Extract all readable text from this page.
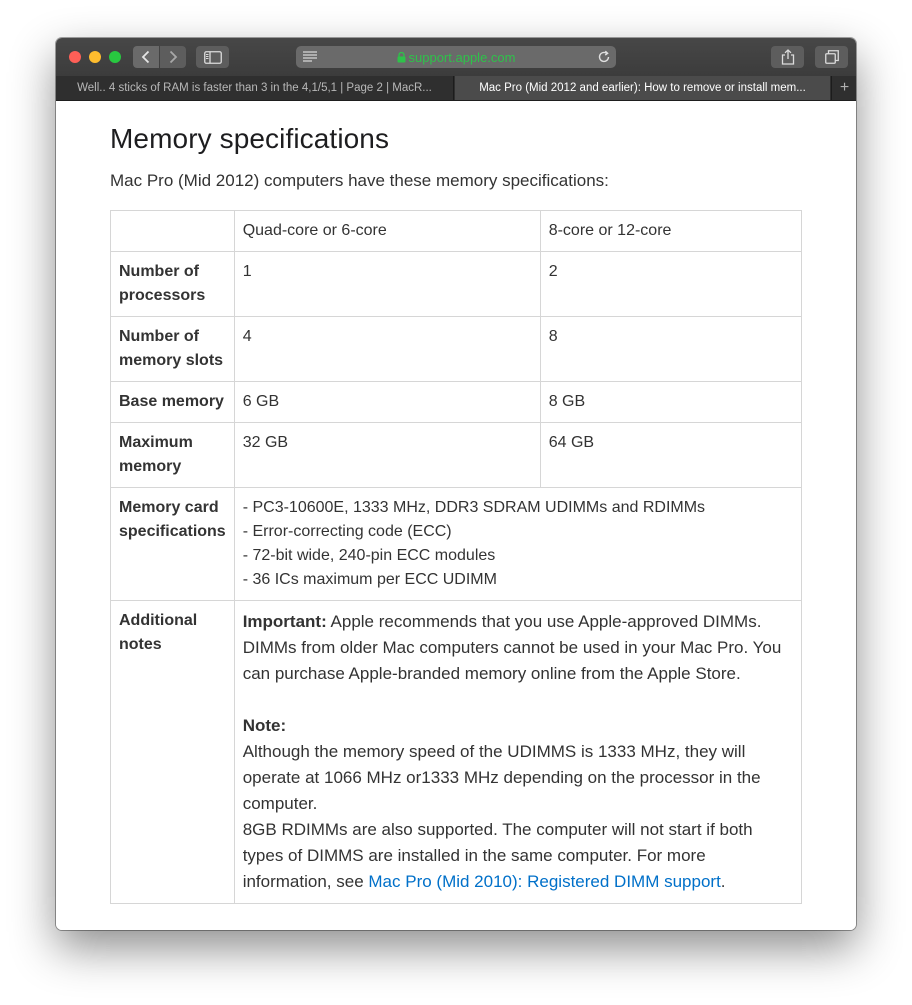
support.apple.com
Well.. 4 sticks of RAM is faster than 3 in the 4,1/5,1 | Page 2 | MacR...	Mac Pro (Mid 2012 and earlier): How to remove or install mem...	+
Memory specifications

Mac Pro (Mid 2012) computers have these memory specifications:

	Quad-core or 6-core	8-core or 12-core
Number of processors	1	2
Number of memory slots	4	8
Base memory	6 GB	8 GB
Maximum memory	32 GB	64 GB
Memory card specifications	- PC3-10600E, 1333 MHz, DDR3 SDRAM UDIMMs and RDIMMs
- Error-correcting code (ECC)
- 72-bit wide, 240-pin ECC modules
- 36 ICs maximum per ECC UDIMM	

Additional notes	Important: Apple recommends that you use Apple-approved DIMMs. DIMMs from older Mac computers cannot be used in your Mac Pro. You can purchase Apple-branded memory online from the Apple Store.

Note:

Although the memory speed of the UDIMMS is 1333 MHz, they will operate at 1066 MHz or1333 MHz depending on the processor in the computer.

8GB RDIMMs are also supported. The computer will not start if both types of DIMMS are installed in the same computer. For more information, see Mac Pro (Mid 2010): Registered DIMM support.	
